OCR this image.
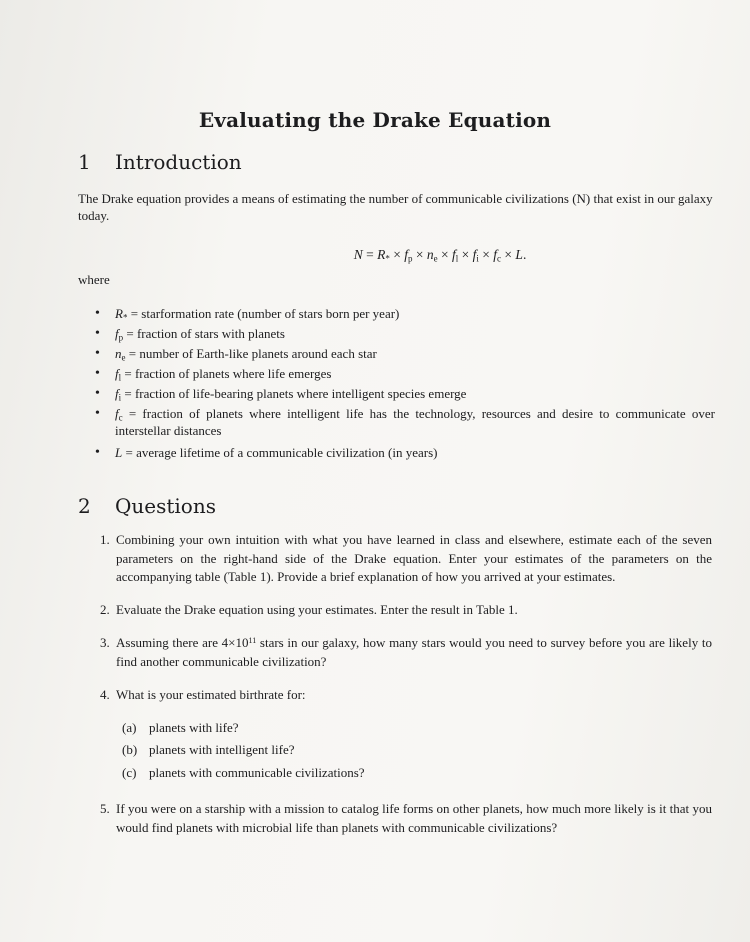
Evaluating the Drake Equation
1 Introduction

The Drake equation provides a means of estimating the number of communicable civilizations (N) that exist in our galaxy today.

$N = R_* \times f_p \times n_e \times f_l \times f_i \times f_c \times L$.
where
• $R_*$ = starformation rate (number of stars born per year)
• $f_p$ = fraction of stars with planets
• $n_e$ = number of Earth-like planets around each star
• $f_l$ = fraction of planets where life emerges
• $f_i$ = fraction of life-bearing planets where intelligent species emerge
• $f_c$ = fraction of planets where intelligent life has the technology, resources and desire to communicate over interstellar distances
• L = average lifetime of a communicable civilization (in years)
2 Questions
1. Combining your own intuition with what you have learned in class and elsewhere, estimate each of the seven parameters on the right-hand side of the Drake equation. Enter your estimates of the parameters on the accompanying table (Table 1). Provide a brief explanation of how you arrived at your estimates.
2. Evaluate the Drake equation using your estimates. Enter the result in Table 1.
3. Assuming there are $4\times 10^{11}$ stars in our galaxy, how many stars would you need to survey before you are likely to find another communicable civilization?
4. What is your estimated birthrate for:
(a) planets with life?
(b) planets with intelligent life?
(c) planets with communicable civilizations?
5. If you were on a starship with a mission to catalog life forms on other planets, how much more likely is it that you would find planets with microbial life than planets with communicable civilizations?
